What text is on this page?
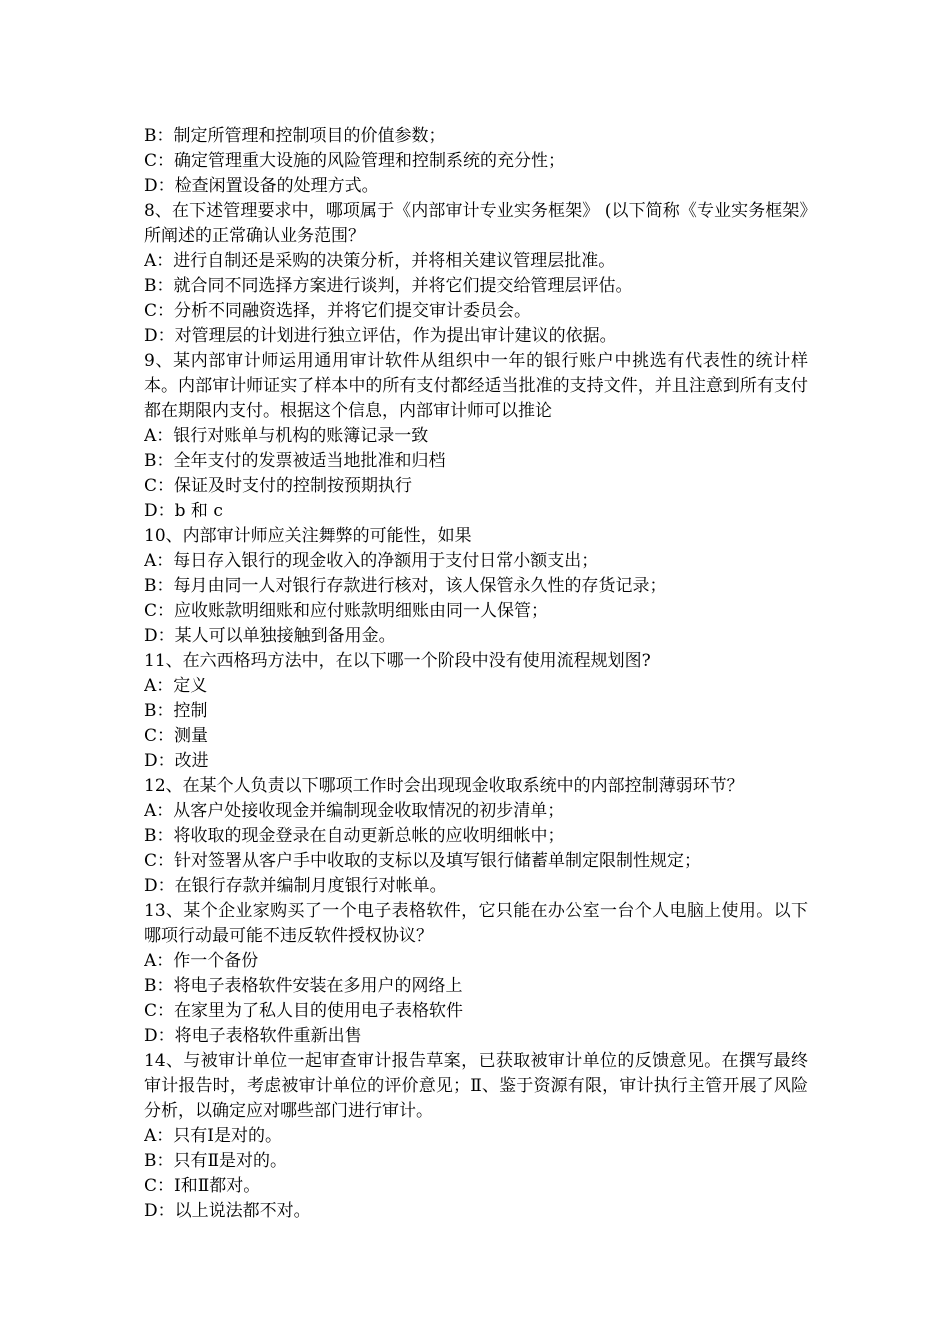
B：制定所管理和控制项目的价值参数；
C：确定管理重大设施的风险管理和控制系统的充分性；
D：检查闲置设备的处理方式。
8、在下述管理要求中，哪项属于《内部审计专业实务框架》 (以下简称《专业实务框架》所阐述的正常确认业务范围？
A：进行自制还是采购的决策分析，并将相关建议管理层批准。
B：就合同不同选择方案进行谈判，并将它们提交给管理层评估。
C：分析不同融资选择，并将它们提交审计委员会。
D：对管理层的计划进行独立评估，作为提出审计建议的依据。
9、某内部审计师运用通用审计软件从组织中一年的银行账户中挑选有代表性的统计样本。内部审计师证实了样本中的所有支付都经适当批准的支持文件，并且注意到所有支付都在期限内支付。根据这个信息，内部审计师可以推论
A：银行对账单与机构的账簿记录一致
B：全年支付的发票被适当地批准和归档
C：保证及时支付的控制按预期执行
D：b 和 c
10、内部审计师应关注舞弊的可能性，如果
A：每日存入银行的现金收入的净额用于支付日常小额支出；
B：每月由同一人对银行存款进行核对，该人保管永久性的存货记录；
C：应收账款明细账和应付账款明细账由同一人保管；
D：某人可以单独接触到备用金。
11、在六西格玛方法中，在以下哪一个阶段中没有使用流程规划图?
A：定义
B：控制
C：测量
D：改进
12、在某个人负责以下哪项工作时会出现现金收取系统中的内部控制薄弱环节？
A：从客户处接收现金并编制现金收取情况的初步清单；
B：将收取的现金登录在自动更新总帐的应收明细帐中；
C：针对签署从客户手中收取的支标以及填写银行储蓄单制定限制性规定；
D：在银行存款并编制月度银行对帐单。
13、某个企业家购买了一个电子表格软件，它只能在办公室一台个人电脑上使用。以下哪项行动最可能不违反软件授权协议？
A：作一个备份
B：将电子表格软件安装在多用户的网络上
C：在家里为了私人目的使用电子表格软件
D：将电子表格软件重新出售
14、与被审计单位一起审查审计报告草案，已获取被审计单位的反馈意见。在撰写最终审计报告时，考虑被审计单位的评价意见；Ⅱ、鉴于资源有限，审计执行主管开展了风险分析，以确定应对哪些部门进行审计。
A：只有Ⅰ是对的。
B：只有Ⅱ是对的。
C：Ⅰ和Ⅱ都对。
D：以上说法都不对。
